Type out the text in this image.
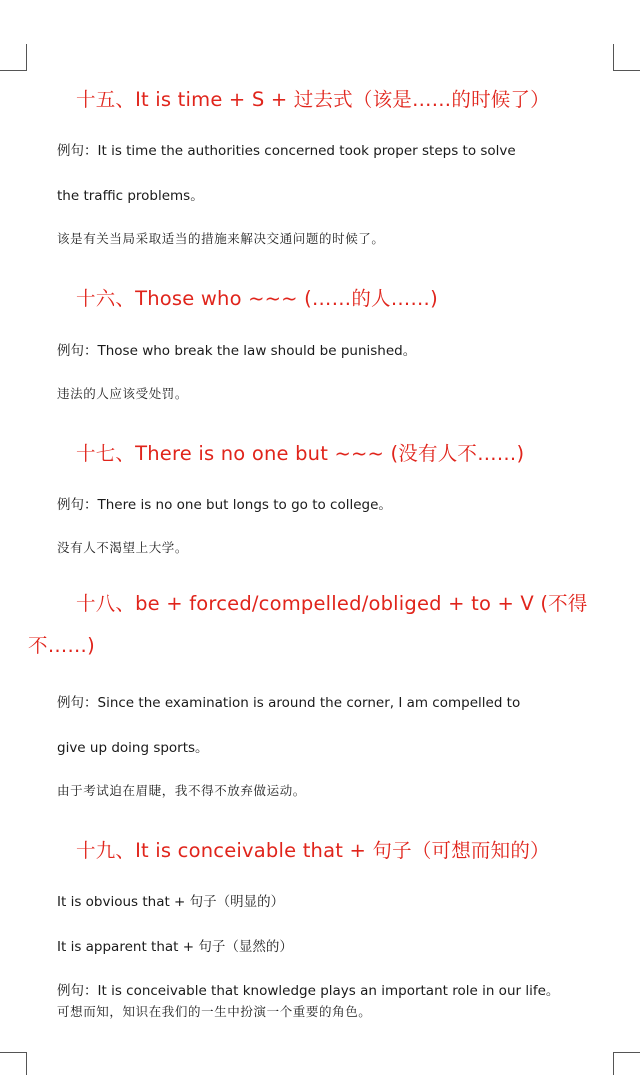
十五、It is time + S + 过去式（该是……的时候了）
例句：It is time the authorities concerned took proper steps to solve
the traffic problems。
该是有关当局采取适当的措施来解决交通问题的时候了。
十六、Those who ~~~ (……的人……)
例句：Those who break the law should be punished。
违法的人应该受处罚。
十七、There is no one but ~~~ (没有人不……)
例句：There is no one but longs to go to college。
没有人不渴望上大学。
十八、be + forced/compelled/obliged + to + V (不得不……)
例句：Since the examination is around the corner, I am compelled to
give up doing sports。
由于考试迫在眉睫，我不得不放弃做运动。
十九、It is conceivable that + 句子（可想而知的）
It is obvious that + 句子（明显的）
It is apparent that + 句子（显然的）
例句：It is conceivable that knowledge plays an important role in our life。
可想而知，知识在我们的一生中扮演一个重要的角色。
